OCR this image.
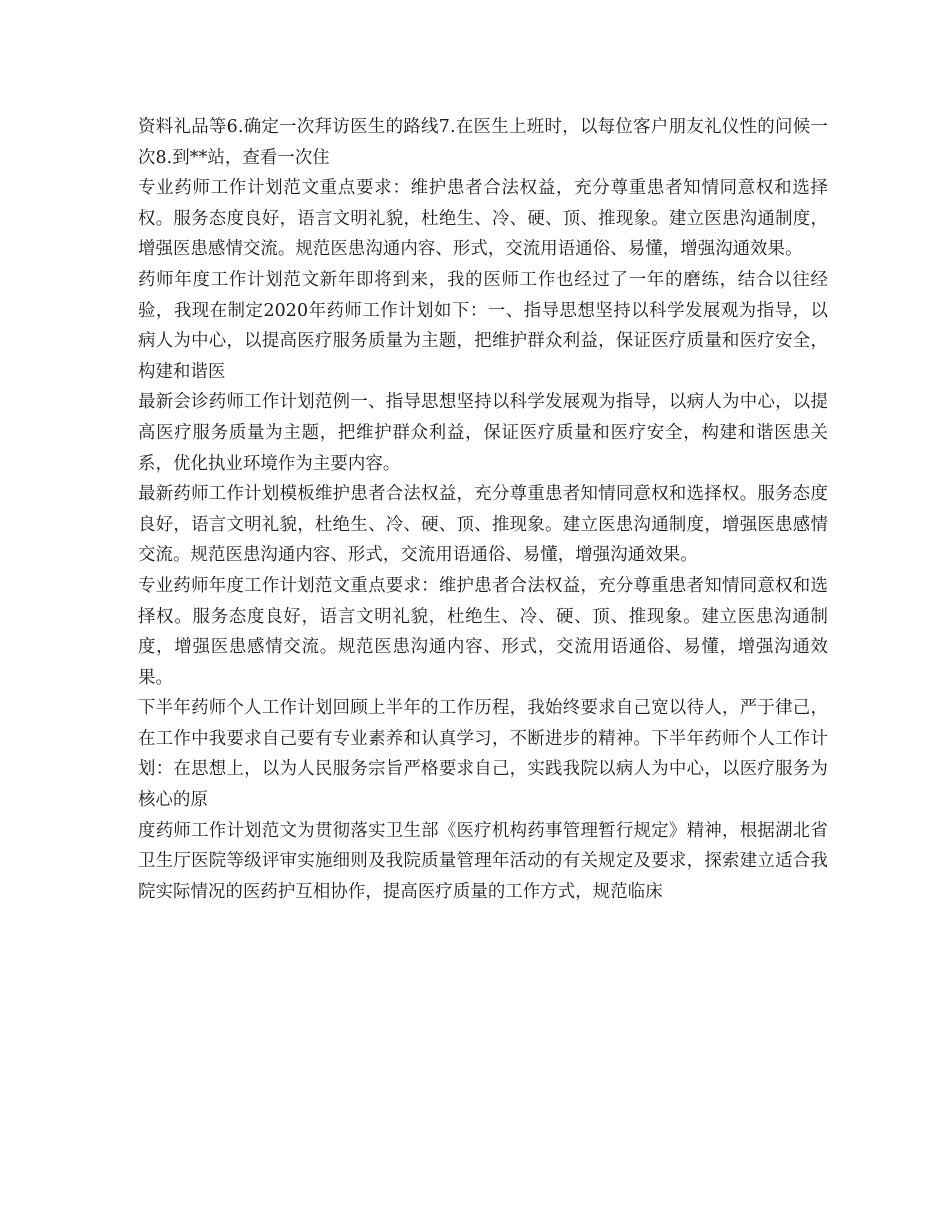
资料礼品等6.确定一次拜访医生的路线7.在医生上班时，以每位客户朋友礼仪性的问候一次8.到**站，查看一次住

专业药师工作计划范文重点要求：维护患者合法权益，充分尊重患者知情同意权和选择权。服务态度良好，语言文明礼貌，杜绝生、冷、硬、顶、推现象。建立医患沟通制度，增强医患感情交流。规范医患沟通内容、形式，交流用语通俗、易懂，增强沟通效果。

药师年度工作计划范文新年即将到来，我的医师工作也经过了一年的磨练，结合以往经验，我现在制定2020年药师工作计划如下：一、指导思想坚持以科学发展观为指导，以病人为中心，以提高医疗服务质量为主题，把维护群众利益，保证医疗质量和医疗安全，构建和谐医

最新会诊药师工作计划范例一、指导思想坚持以科学发展观为指导，以病人为中心，以提高医疗服务质量为主题，把维护群众利益，保证医疗质量和医疗安全，构建和谐医患关系，优化执业环境作为主要内容。

最新药师工作计划模板维护患者合法权益，充分尊重患者知情同意权和选择权。服务态度良好，语言文明礼貌，杜绝生、冷、硬、顶、推现象。建立医患沟通制度，增强医患感情交流。规范医患沟通内容、形式，交流用语通俗、易懂，增强沟通效果。

专业药师年度工作计划范文重点要求：维护患者合法权益，充分尊重患者知情同意权和选择权。服务态度良好，语言文明礼貌，杜绝生、冷、硬、顶、推现象。建立医患沟通制度，增强医患感情交流。规范医患沟通内容、形式，交流用语通俗、易懂，增强沟通效果。

下半年药师个人工作计划回顾上半年的工作历程，我始终要求自己宽以待人，严于律己，在工作中我要求自己要有专业素养和认真学习，不断进步的精神。下半年药师个人工作计划：在思想上，以为人民服务宗旨严格要求自己，实践我院以病人为中心，以医疗服务为核心的原

度药师工作计划范文为贯彻落实卫生部《医疗机构药事管理暂行规定》精神，根据湖北省卫生厅医院等级评审实施细则及我院质量管理年活动的有关规定及要求，探索建立适合我院实际情况的医药护互相协作，提高医疗质量的工作方式，规范临床
